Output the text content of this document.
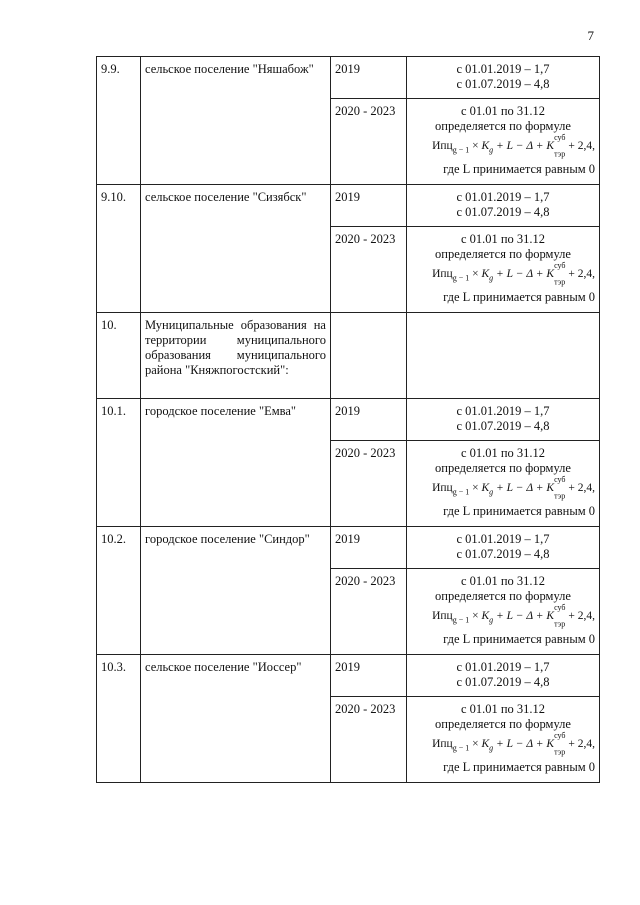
7
9.9.	сельское поселение "Няшабож"	2019	с 01.01.2019 – 1,7
с 01.07.2019 – 4,8

		2020 - 2023	с 01.01 по 31.12
определяется по формуле
$Ипц_{g - 1} \times K_g + L - \Delta + K^{суб}$
$_{тэр}$ + 2,4,
где L принимается равным 0

9.10.	сельское поселение "Сизябск"	2019	с 01.01.2019 – 1,7
с 01.07.2019 – 4,8

		2020 - 2023	с 01.01 по 31.12
определяется по формуле
$Ипц_{g - 1} \times K_g + L - \Delta + K^{суб}$
$_{тэр}$ + 2,4,
где L принимается равным 0

10.	Муниципальные образования на территории муниципального образования муниципального района "Княжпогостский":		
10.1.	городское поселение "Емва"	2019	с 01.01.2019 – 1,7
с 01.07.2019 – 4,8

		2020 - 2023	с 01.01 по 31.12
определяется по формуле
$Ипц_{g - 1} \times K_g + L - \Delta + K^{суб}$
$_{тэр}$ + 2,4,
где L принимается равным 0

10.2.	городское поселение "Синдор"	2019	с 01.01.2019 – 1,7
с 01.07.2019 – 4,8

		2020 - 2023	с 01.01 по 31.12
определяется по формуле
$Ипц_{g - 1} \times K_g + L - \Delta + K^{суб}$
$_{тэр}$ + 2,4,
где L принимается равным 0

10.3.	сельское поселение "Иоссер"	2019	с 01.01.2019 – 1,7
с 01.07.2019 – 4,8

		2020 - 2023	с 01.01 по 31.12
определяется по формуле
$Ипц_{g - 1} \times K_g + L - \Delta + K^{суб}$
$_{тэр}$ + 2,4,
где L принимается равным 0
